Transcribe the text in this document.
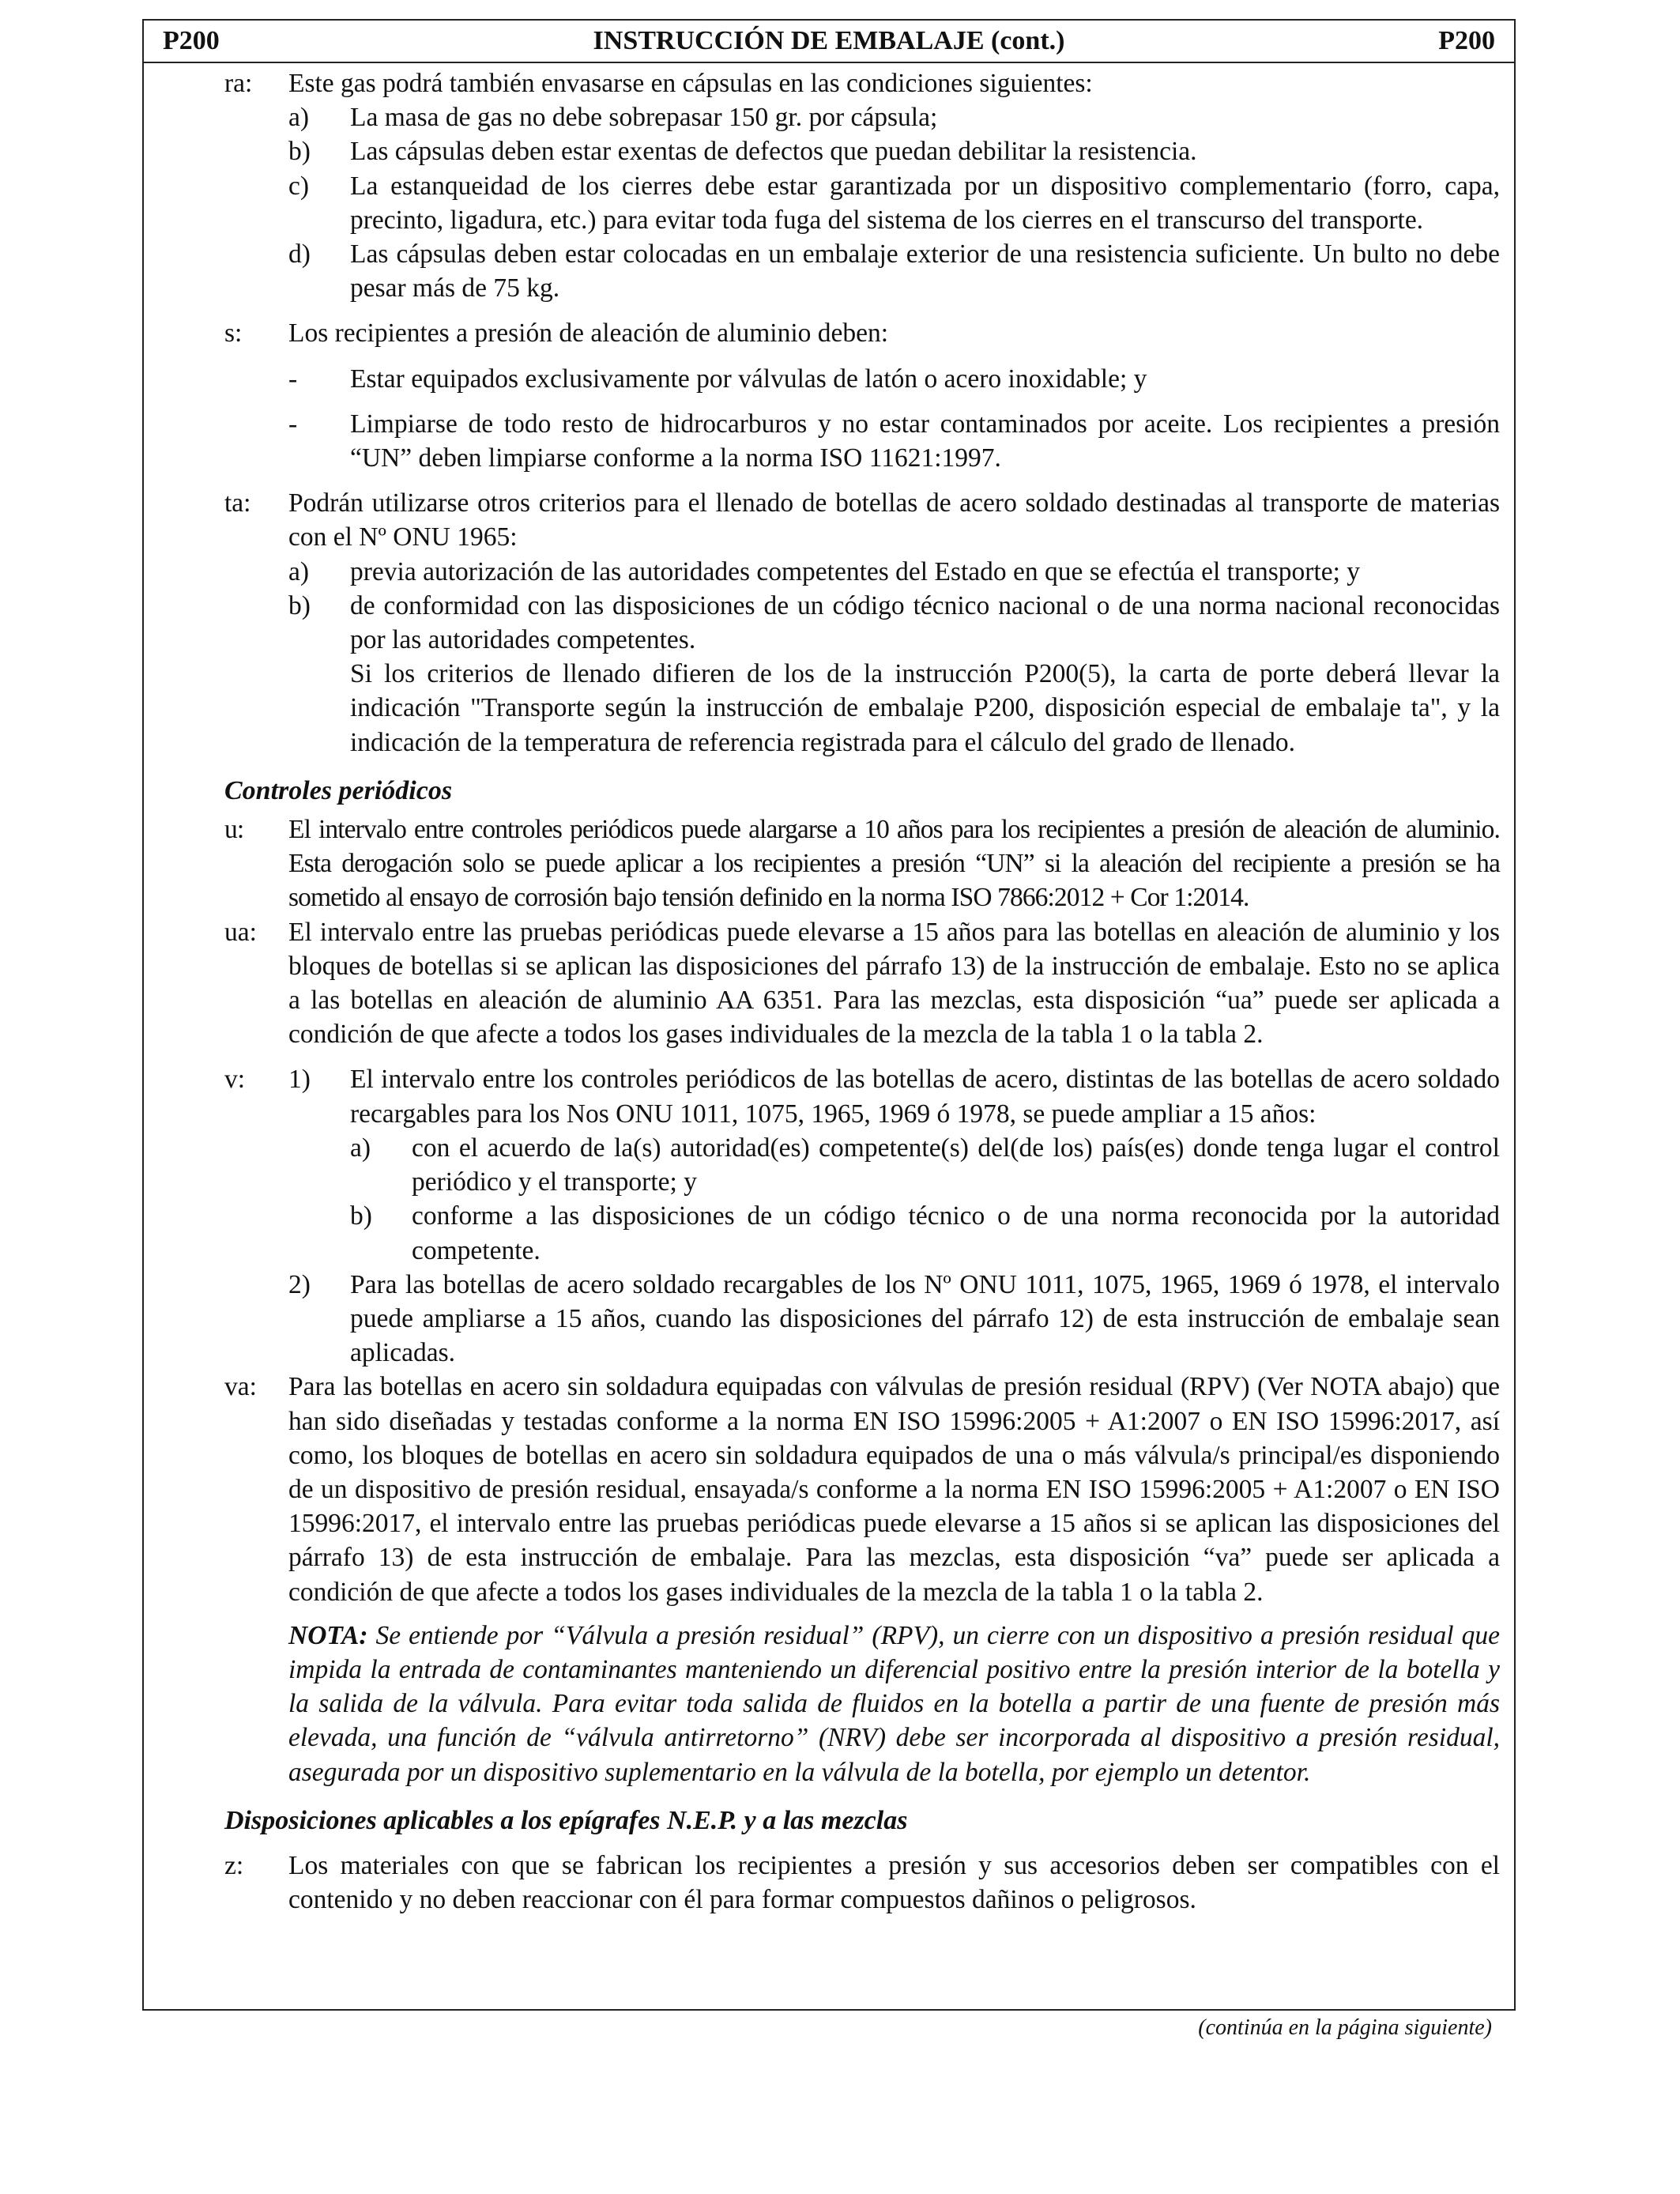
P200	INSTRUCCIÓN DE EMBALAJE (cont.)	P200
ra: Este gas podrá también envasarse en cápsulas en las condiciones siguientes:
a) La masa de gas no debe sobrepasar 150 gr. por cápsula;
b) Las cápsulas deben estar exentas de defectos que puedan debilitar la resistencia.
c) La estanqueidad de los cierres debe estar garantizada por un dispositivo complementario (forro, capa, precinto, ligadura, etc.) para evitar toda fuga del sistema de los cierres en el transcurso del transporte.
d) Las cápsulas deben estar colocadas en un embalaje exterior de una resistencia suficiente. Un bulto no debe pesar más de 75 kg.
s: Los recipientes a presión de aleación de aluminio deben:
- Estar equipados exclusivamente por válvulas de latón o acero inoxidable; y
- Limpiarse de todo resto de hidrocarburos y no estar contaminados por aceite. Los recipientes a presión “UN” deben limpiarse conforme a la norma ISO 11621:1997.
ta: Podrán utilizarse otros criterios para el llenado de botellas de acero soldado destinadas al transporte de materias con el Nº ONU 1965:
a) previa autorización de las autoridades competentes del Estado en que se efectúa el transporte; y
b) de conformidad con las disposiciones de un código técnico nacional o de una norma nacional reconocidas por las autoridades competentes.
Si los criterios de llenado difieren de los de la instrucción P200(5), la carta de porte deberá llevar la indicación "Transporte según la instrucción de embalaje P200, disposición especial de embalaje ta", y la indicación de la temperatura de referencia registrada para el cálculo del grado de llenado.
Controles periódicos
u: El intervalo entre controles periódicos puede alargarse a 10 años para los recipientes a presión de aleación de aluminio. Esta derogación solo se puede aplicar a los recipientes a presión “UN” si la aleación del recipiente a presión se ha sometido al ensayo de corrosión bajo tensión definido en la norma ISO 7866:2012 + Cor 1:2014.
ua: El intervalo entre las pruebas periódicas puede elevarse a 15 años para las botellas en aleación de aluminio y los bloques de botellas si se aplican las disposiciones del párrafo 13) de la instrucción de embalaje. Esto no se aplica a las botellas en aleación de aluminio AA 6351. Para las mezclas, esta disposición “ua” puede ser aplicada a condición de que afecte a todos los gases individuales de la mezcla de la tabla 1 o la tabla 2.
v: 1) El intervalo entre los controles periódicos de las botellas de acero, distintas de las botellas de acero soldado recargables para los Nos ONU 1011, 1075, 1965, 1969 ó 1978, se puede ampliar a 15 años:
a) con el acuerdo de la(s) autoridad(es) competente(s) del(de los) país(es) donde tenga lugar el control periódico y el transporte; y
b) conforme a las disposiciones de un código técnico o de una norma reconocida por la autoridad competente.
2) Para las botellas de acero soldado recargables de los Nº ONU 1011, 1075, 1965, 1969 ó 1978, el intervalo puede ampliarse a 15 años, cuando las disposiciones del párrafo 12) de esta instrucción de embalaje sean aplicadas.
va: Para las botellas en acero sin soldadura equipadas con válvulas de presión residual (RPV) (Ver NOTA abajo) que han sido diseñadas y testadas conforme a la norma EN ISO 15996:2005 + A1:2007 o EN ISO 15996:2017, así como, los bloques de botellas en acero sin soldadura equipados de una o más válvula/s principal/es disponiendo de un dispositivo de presión residual, ensayada/s conforme a la norma EN ISO 15996:2005 + A1:2007 o EN ISO 15996:2017, el intervalo entre las pruebas periódicas puede elevarse a 15 años si se aplican las disposiciones del párrafo 13) de esta instrucción de embalaje. Para las mezclas, esta disposición “va” puede ser aplicada a condición de que afecte a todos los gases individuales de la mezcla de la tabla 1 o la tabla 2.
NOTA: Se entiende por “Válvula a presión residual” (RPV), un cierre con un dispositivo a presión residual que impida la entrada de contaminantes manteniendo un diferencial positivo entre la presión interior de la botella y la salida de la válvula. Para evitar toda salida de fluidos en la botella a partir de una fuente de presión más elevada, una función de “válvula antirretorno” (NRV) debe ser incorporada al dispositivo a presión residual, asegurada por un dispositivo suplementario en la válvula de la botella, por ejemplo un detentor.
Disposiciones aplicables a los epígrafes N.E.P. y a las mezclas
z: Los materiales con que se fabrican los recipientes a presión y sus accesorios deben ser compatibles con el contenido y no deben reaccionar con él para formar compuestos dañinos o peligrosos.
(continúa en la página siguiente)
